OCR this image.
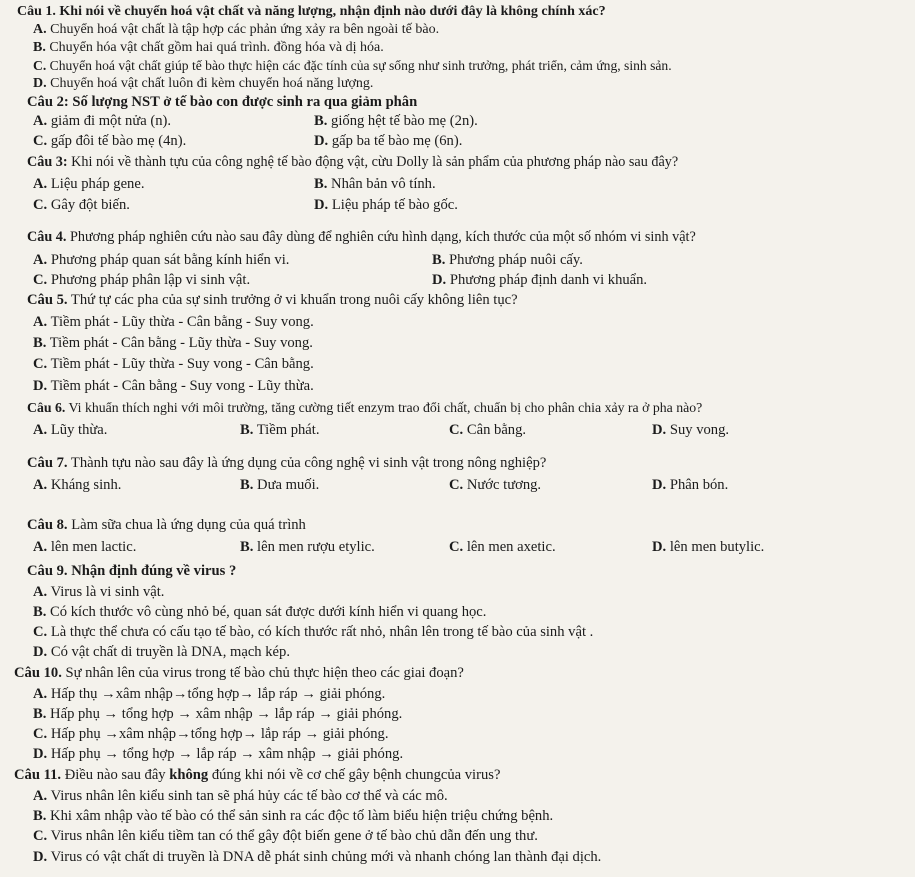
Câu 1. Khi nói về chuyển hoá vật chất và năng lượng, nhận định nào dưới đây là không chính xác?
A. Chuyển hoá vật chất là tập hợp các phản ứng xảy ra bên ngoài tế bào.
B. Chuyển hóa vật chất gồm hai quá trình. đồng hóa và dị hóa.
C. Chuyển hoá vật chất giúp tế bào thực hiện các đặc tính của sự sống như sinh trưởng, phát triển, cảm ứng, sinh sản.
D. Chuyển hoá vật chất luôn đi kèm chuyển hoá năng lượng.
Câu 2: Số lượng NST ở tế bào con được sinh ra qua giảm phân
A. giảm đi một nửa (n).	B. giống hệt tế bào mẹ (2n).
C. gấp đôi tế bào mẹ (4n).	D. gấp ba tế bào mẹ (6n).
Câu 3: Khi nói về thành tựu của công nghệ tế bào động vật, cừu Dolly là sản phẩm của phương pháp nào sau đây?
A. Liệu pháp gene.	B. Nhân bản vô tính.
C. Gây đột biến.	D. Liệu pháp tế bào gốc.
Câu 4. Phương pháp nghiên cứu nào sau đây dùng để nghiên cứu hình dạng, kích thước của một số nhóm vi sinh vật?
A. Phương pháp quan sát bằng kính hiển vi.	B. Phương pháp nuôi cấy.
C. Phương pháp phân lập vi sinh vật.	D. Phương pháp định danh vi khuẩn.
Câu 5. Thứ tự các pha của sự sinh trưởng ở vi khuẩn trong nuôi cấy không liên tục?
A. Tiềm phát - Lũy thừa - Cân bằng - Suy vong.
B. Tiềm phát - Cân bằng - Lũy thừa - Suy vong.
C. Tiềm phát - Lũy thừa - Suy vong - Cân bằng.
D. Tiềm phát - Cân bằng - Suy vong - Lũy thừa.
Câu 6. Vi khuẩn thích nghi với môi trường, tăng cường tiết enzym trao đổi chất, chuẩn bị cho phân chia xảy ra ở pha nào?
A. Lũy thừa.	B. Tiềm phát.	C. Cân bằng.	D. Suy vong.
Câu 7. Thành tựu nào sau đây là ứng dụng của công nghệ vi sinh vật trong nông nghiệp?
A. Kháng sinh.	B. Dưa muối.	C. Nước tương.	D. Phân bón.
Câu 8. Làm sữa chua là ứng dụng của quá trình
A. lên men lactic.	B. lên men rượu etylic.	C. lên men axetic.	D. lên men butylic.
Câu 9. Nhận định đúng về virus ?
A. Virus là vi sinh vật.
B. Có kích thước vô cùng nhỏ bé, quan sát được dưới kính hiển vi quang học.
C. Là thực thể chưa có cấu tạo tế bào, có kích thước rất nhỏ, nhân lên trong tế bào của sinh vật .
D. Có vật chất di truyền là DNA, mạch kép.
Câu 10. Sự nhân lên của virus trong tế bào chủ thực hiện theo các giai đoạn?
A. Hấp thụ →xâm nhập→tổng hợp→ lắp ráp → giải phóng.
B. Hấp phụ → tổng hợp → xâm nhập → lắp ráp → giải phóng.
C. Hấp phụ →xâm nhập→tổng hợp→ lắp ráp → giải phóng.
D. Hấp phụ → tổng hợp → lắp ráp → xâm nhập → giải phóng.
Câu 11. Điều nào sau đây không đúng khi nói về cơ chế gây bệnh chungcủa virus?
A. Virus nhân lên kiểu sinh tan sẽ phá hủy các tế bào cơ thể và các mô.
B. Khi xâm nhập vào tế bào có thể sản sinh ra các độc tố làm biểu hiện triệu chứng bệnh.
C. Virus nhân lên kiểu tiềm tan có thể gây đột biến gene ở tế bào chủ dẫn đến ung thư.
D. Virus có vật chất di truyền là DNA dễ phát sinh chủng mới và nhanh chóng lan thành đại dịch.
